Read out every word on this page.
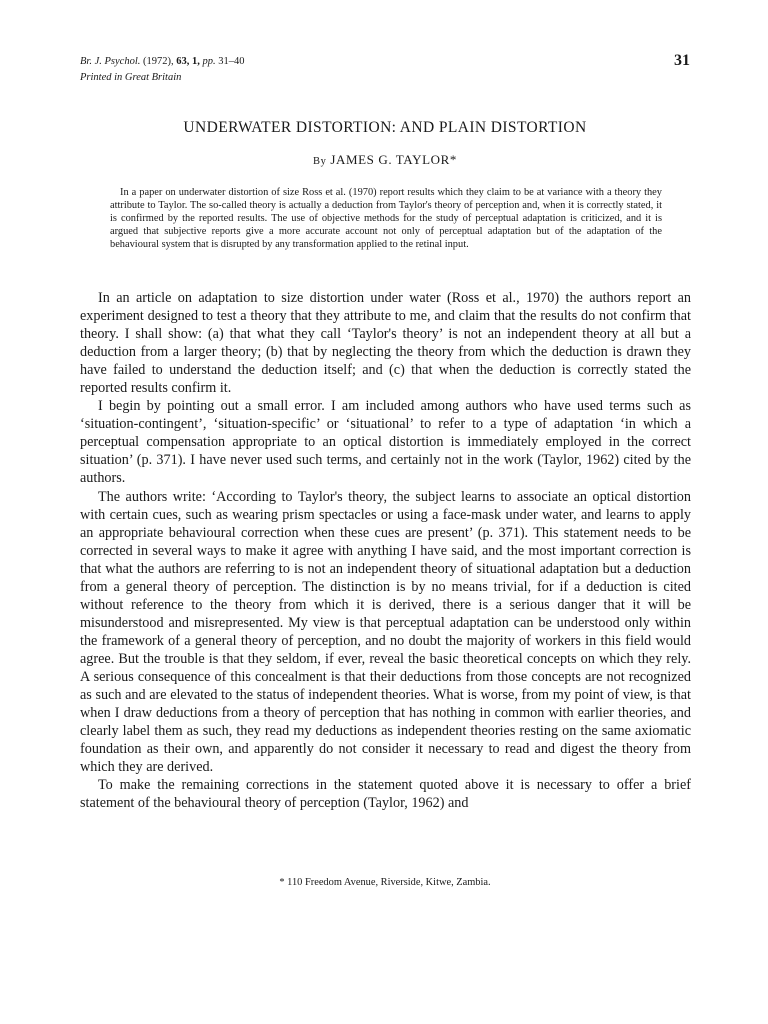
Br. J. Psychol. (1972), 63, 1, pp. 31–40
Printed in Great Britain
31
UNDERWATER DISTORTION: AND PLAIN DISTORTION
By JAMES G. TAYLOR*
In a paper on underwater distortion of size Ross et al. (1970) report results which they claim to be at variance with a theory they attribute to Taylor. The so-called theory is actually a deduction from Taylor's theory of perception and, when it is correctly stated, it is confirmed by the reported results. The use of objective methods for the study of perceptual adaptation is criticized, and it is argued that subjective reports give a more accurate account not only of perceptual adaptation but of the adaptation of the behavioural system that is disrupted by any transformation applied to the retinal input.

In an article on adaptation to size distortion under water (Ross et al., 1970) the authors report an experiment designed to test a theory that they attribute to me, and claim that the results do not confirm that theory. I shall show: (a) that what they call ‘Taylor's theory’ is not an independent theory at all but a deduction from a larger theory; (b) that by neglecting the theory from which the deduction is drawn they have failed to understand the deduction itself; and (c) that when the deduction is correctly stated the reported results confirm it.

I begin by pointing out a small error. I am included among authors who have used terms such as ‘situation-contingent’, ‘situation-specific’ or ‘situational’ to refer to a type of adaptation ‘in which a perceptual compensation appropriate to an optical distortion is immediately employed in the correct situation’ (p. 371). I have never used such terms, and certainly not in the work (Taylor, 1962) cited by the authors.

The authors write: ‘According to Taylor's theory, the subject learns to associate an optical distortion with certain cues, such as wearing prism spectacles or using a face-mask under water, and learns to apply an appropriate behavioural correction when these cues are present’ (p. 371). This statement needs to be corrected in several ways to make it agree with anything I have said, and the most important correction is that what the authors are referring to is not an independent theory of situational adaptation but a deduction from a general theory of perception. The distinction is by no means trivial, for if a deduction is cited without reference to the theory from which it is derived, there is a serious danger that it will be misunderstood and misrepresented. My view is that perceptual adaptation can be understood only within the framework of a general theory of perception, and no doubt the majority of workers in this field would agree. But the trouble is that they seldom, if ever, reveal the basic theoretical concepts on which they rely. A serious consequence of this concealment is that their deductions from those concepts are not recognized as such and are elevated to the status of independent theories. What is worse, from my point of view, is that when I draw deductions from a theory of perception that has nothing in common with earlier theories, and clearly label them as such, they read my deductions as independent theories resting on the same axiomatic foundation as their own, and apparently do not consider it necessary to read and digest the theory from which they are derived.

To make the remaining corrections in the statement quoted above it is necessary to offer a brief statement of the behavioural theory of perception (Taylor, 1962) and

* 110 Freedom Avenue, Riverside, Kitwe, Zambia.
